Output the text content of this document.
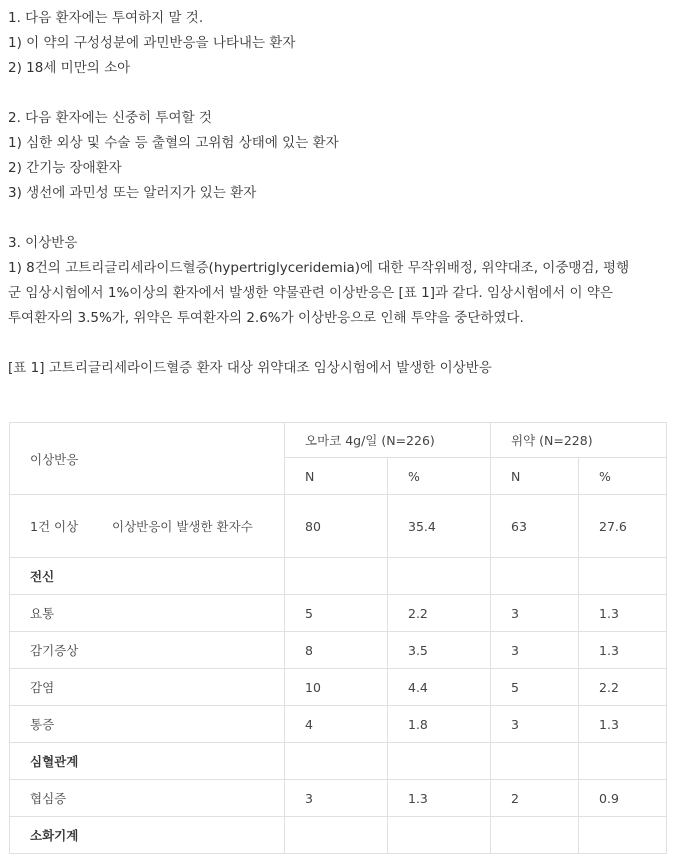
1. 다음 환자에는 투여하지 말 것.
1) 이 약의 구성성분에 과민반응을 나타내는 환자
2) 18세 미만의 소아
2. 다음 환자에는 신중히 투여할 것
1) 심한 외상 및 수술 등 출혈의 고위험 상태에 있는 환자
2) 간기능 장애환자
3) 생선에 과민성 또는 알러지가 있는 환자
3. 이상반응
1) 8건의 고트리글리세라이드혈증(hypertriglyceridemia)에 대한 무작위배정, 위약대조, 이중맹검, 평행
군 임상시험에서 1%이상의 환자에서 발생한 약물관련 이상반응은 [표 1]과 같다. 임상시험에서 이 약은
투여환자의 3.5%가, 위약은 투여환자의 2.6%가 이상반응으로 인해 투약을 중단하였다.
[표 1] 고트리글리세라이드혈증 환자 대상 위약대조 임상시험에서 발생한 이상반응
이상반응	오마코 4g/일 (N=226)		위약 (N=228)	
	N	%	N	%
1건 이상 이상반응이 발생한 환자수	80	35.4	63	27.6
전신				
요통	5	2.2	3	1.3
감기증상	8	3.5	3	1.3
감염	10	4.4	5	2.2
통증	4	1.8	3	1.3
심혈관계				
협심증	3	1.3	2	0.9
소화기계				
